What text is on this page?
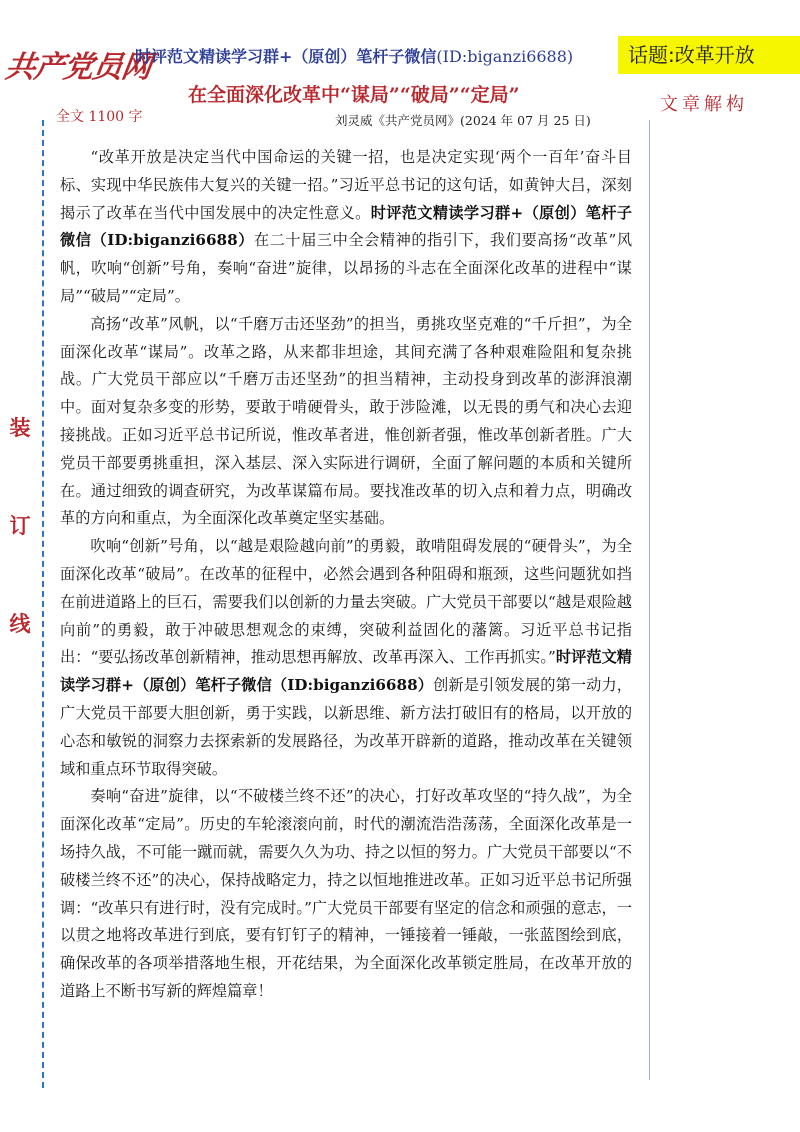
共产党员网
时评范文精读学习群+（原创）笔杆子微信(ID:biganzi6688)	话题:改革开放
全文 1100 字
在全面深化改革中“谋局”“破局”“定局”
刘灵威《共产党员网》(2024 年 07 月 25 日)
文章解构
装
订
线

“改革开放是决定当代中国命运的关键一招，也是决定实现‘两个一百年’奋斗目标、实现中华民族伟大复兴的关键一招。”习近平总书记的这句话，如黄钟大吕，深刻揭示了改革在当代中国发展中的决定性意义。时评范文精读学习群+（原创）笔杆子微信（ID:biganzi6688）在二十届三中全会精神的指引下，我们要高扬“改革”风帆，吹响“创新”号角，奏响“奋进”旋律，以昂扬的斗志在全面深化改革的进程中“谋局”“破局”“定局”。

高扬“改革”风帆，以“千磨万击还坚劲”的担当，勇挑攻坚克难的“千斤担”，为全面深化改革“谋局”。改革之路，从来都非坦途，其间充满了各种艰难险阻和复杂挑战。广大党员干部应以“千磨万击还坚劲”的担当精神，主动投身到改革的澎湃浪潮中。面对复杂多变的形势，要敢于啃硬骨头，敢于涉险滩，以无畏的勇气和决心去迎接挑战。正如习近平总书记所说，惟改革者进，惟创新者强，惟改革创新者胜。广大党员干部要勇挑重担，深入基层、深入实际进行调研，全面了解问题的本质和关键所在。通过细致的调查研究，为改革谋篇布局。要找准改革的切入点和着力点，明确改革的方向和重点，为全面深化改革奠定坚实基础。

吹响“创新”号角，以“越是艰险越向前”的勇毅，敢啃阻碍发展的“硬骨头”，为全面深化改革“破局”。在改革的征程中，必然会遇到各种阻碍和瓶颈，这些问题犹如挡在前进道路上的巨石，需要我们以创新的力量去突破。广大党员干部要以“越是艰险越向前”的勇毅，敢于冲破思想观念的束缚，突破利益固化的藩篱。习近平总书记指出：“要弘扬改革创新精神，推动思想再解放、改革再深入、工作再抓实。”时评范文精读学习群+（原创）笔杆子微信（ID:biganzi6688）创新是引领发展的第一动力，广大党员干部要大胆创新，勇于实践，以新思维、新方法打破旧有的格局，以开放的心态和敏锐的洞察力去探索新的发展路径，为改革开辟新的道路，推动改革在关键领域和重点环节取得突破。

奏响“奋进”旋律，以“不破楼兰终不还”的决心，打好改革攻坚的“持久战”，为全面深化改革“定局”。历史的车轮滚滚向前，时代的潮流浩浩荡荡，全面深化改革是一场持久战，不可能一蹴而就，需要久久为功、持之以恒的努力。广大党员干部要以“不破楼兰终不还”的决心，保持战略定力，持之以恒地推进改革。正如习近平总书记所强调：“改革只有进行时，没有完成时。”广大党员干部要有坚定的信念和顽强的意志，一以贯之地将改革进行到底，要有钉钉子的精神，一锤接着一锤敲，一张蓝图绘到底，确保改革的各项举措落地生根，开花结果，为全面深化改革锁定胜局，在改革开放的道路上不断书写新的辉煌篇章！
